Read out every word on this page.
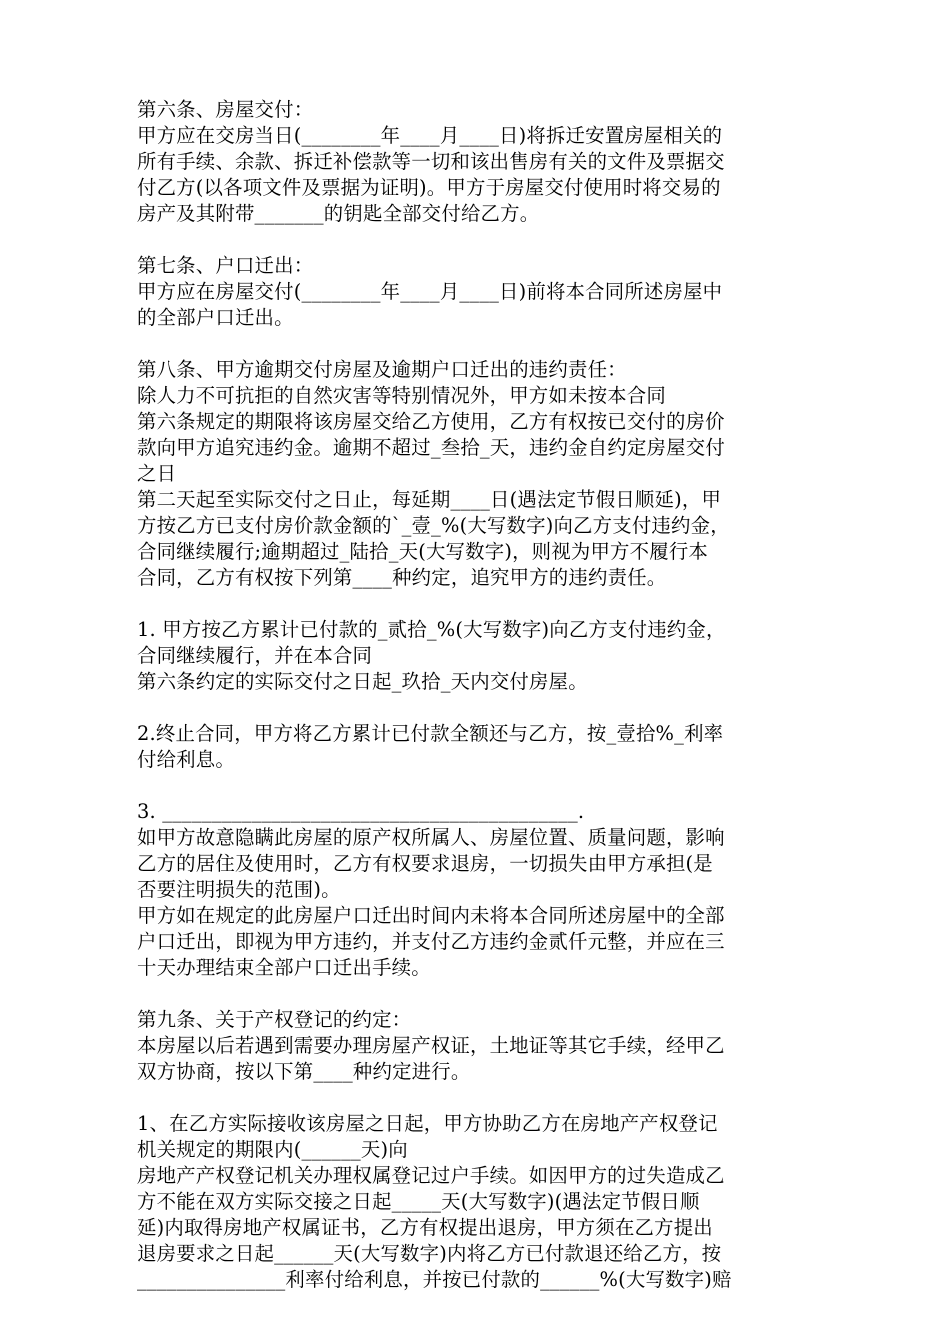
第六条、房屋交付：
甲方应在交房当日(________年____月____日)将拆迁安置房屋相关的
所有手续、余款、拆迁补偿款等一切和该出售房有关的文件及票据交
付乙方(以各项文件及票据为证明)。甲方于房屋交付使用时将交易的
房产及其附带_______的钥匙全部交付给乙方。
第七条、户口迁出：
甲方应在房屋交付(________年____月____日)前将本合同所述房屋中
的全部户口迁出。
第八条、甲方逾期交付房屋及逾期户口迁出的违约责任：
除人力不可抗拒的自然灾害等特别情况外，甲方如未按本合同
第六条规定的期限将该房屋交给乙方使用，乙方有权按已交付的房价
款向甲方追究违约金。逾期不超过_叁拾_天，违约金自约定房屋交付
之日
第二天起至实际交付之日止，每延期____日(遇法定节假日顺延)，甲
方按乙方已支付房价款金额的`_壹_%(大写数字)向乙方支付违约金，
合同继续履行;逾期超过_陆拾_天(大写数字)，则视为甲方不履行本
合同，乙方有权按下列第____种约定，追究甲方的违约责任。
1. 甲方按乙方累计已付款的_贰拾_%(大写数字)向乙方支付违约金，
合同继续履行，并在本合同
第六条约定的实际交付之日起_玖拾_天内交付房屋。
2.终止合同，甲方将乙方累计已付款全额还与乙方，按_壹拾%_利率
付给利息。
3. __________________________________________.
如甲方故意隐瞒此房屋的原产权所属人、房屋位置、质量问题，影响
乙方的居住及使用时，乙方有权要求退房，一切损失由甲方承担(是
否要注明损失的范围)。
甲方如在规定的此房屋户口迁出时间内未将本合同所述房屋中的全部
户口迁出，即视为甲方违约，并支付乙方违约金贰仟元整，并应在三
十天办理结束全部户口迁出手续。
第九条、关于产权登记的约定：
本房屋以后若遇到需要办理房屋产权证，土地证等其它手续，经甲乙
双方协商，按以下第____种约定进行。
1、在乙方实际接收该房屋之日起，甲方协助乙方在房地产产权登记
机关规定的期限内(______天)向
房地产产权登记机关办理权属登记过户手续。如因甲方的过失造成乙
方不能在双方实际交接之日起_____天(大写数字)(遇法定节假日顺
延)内取得房地产权属证书，乙方有权提出退房，甲方须在乙方提出
退房要求之日起______天(大写数字)内将乙方已付款退还给乙方，按
_______________利率付给利息，并按已付款的______%(大写数字)赔
